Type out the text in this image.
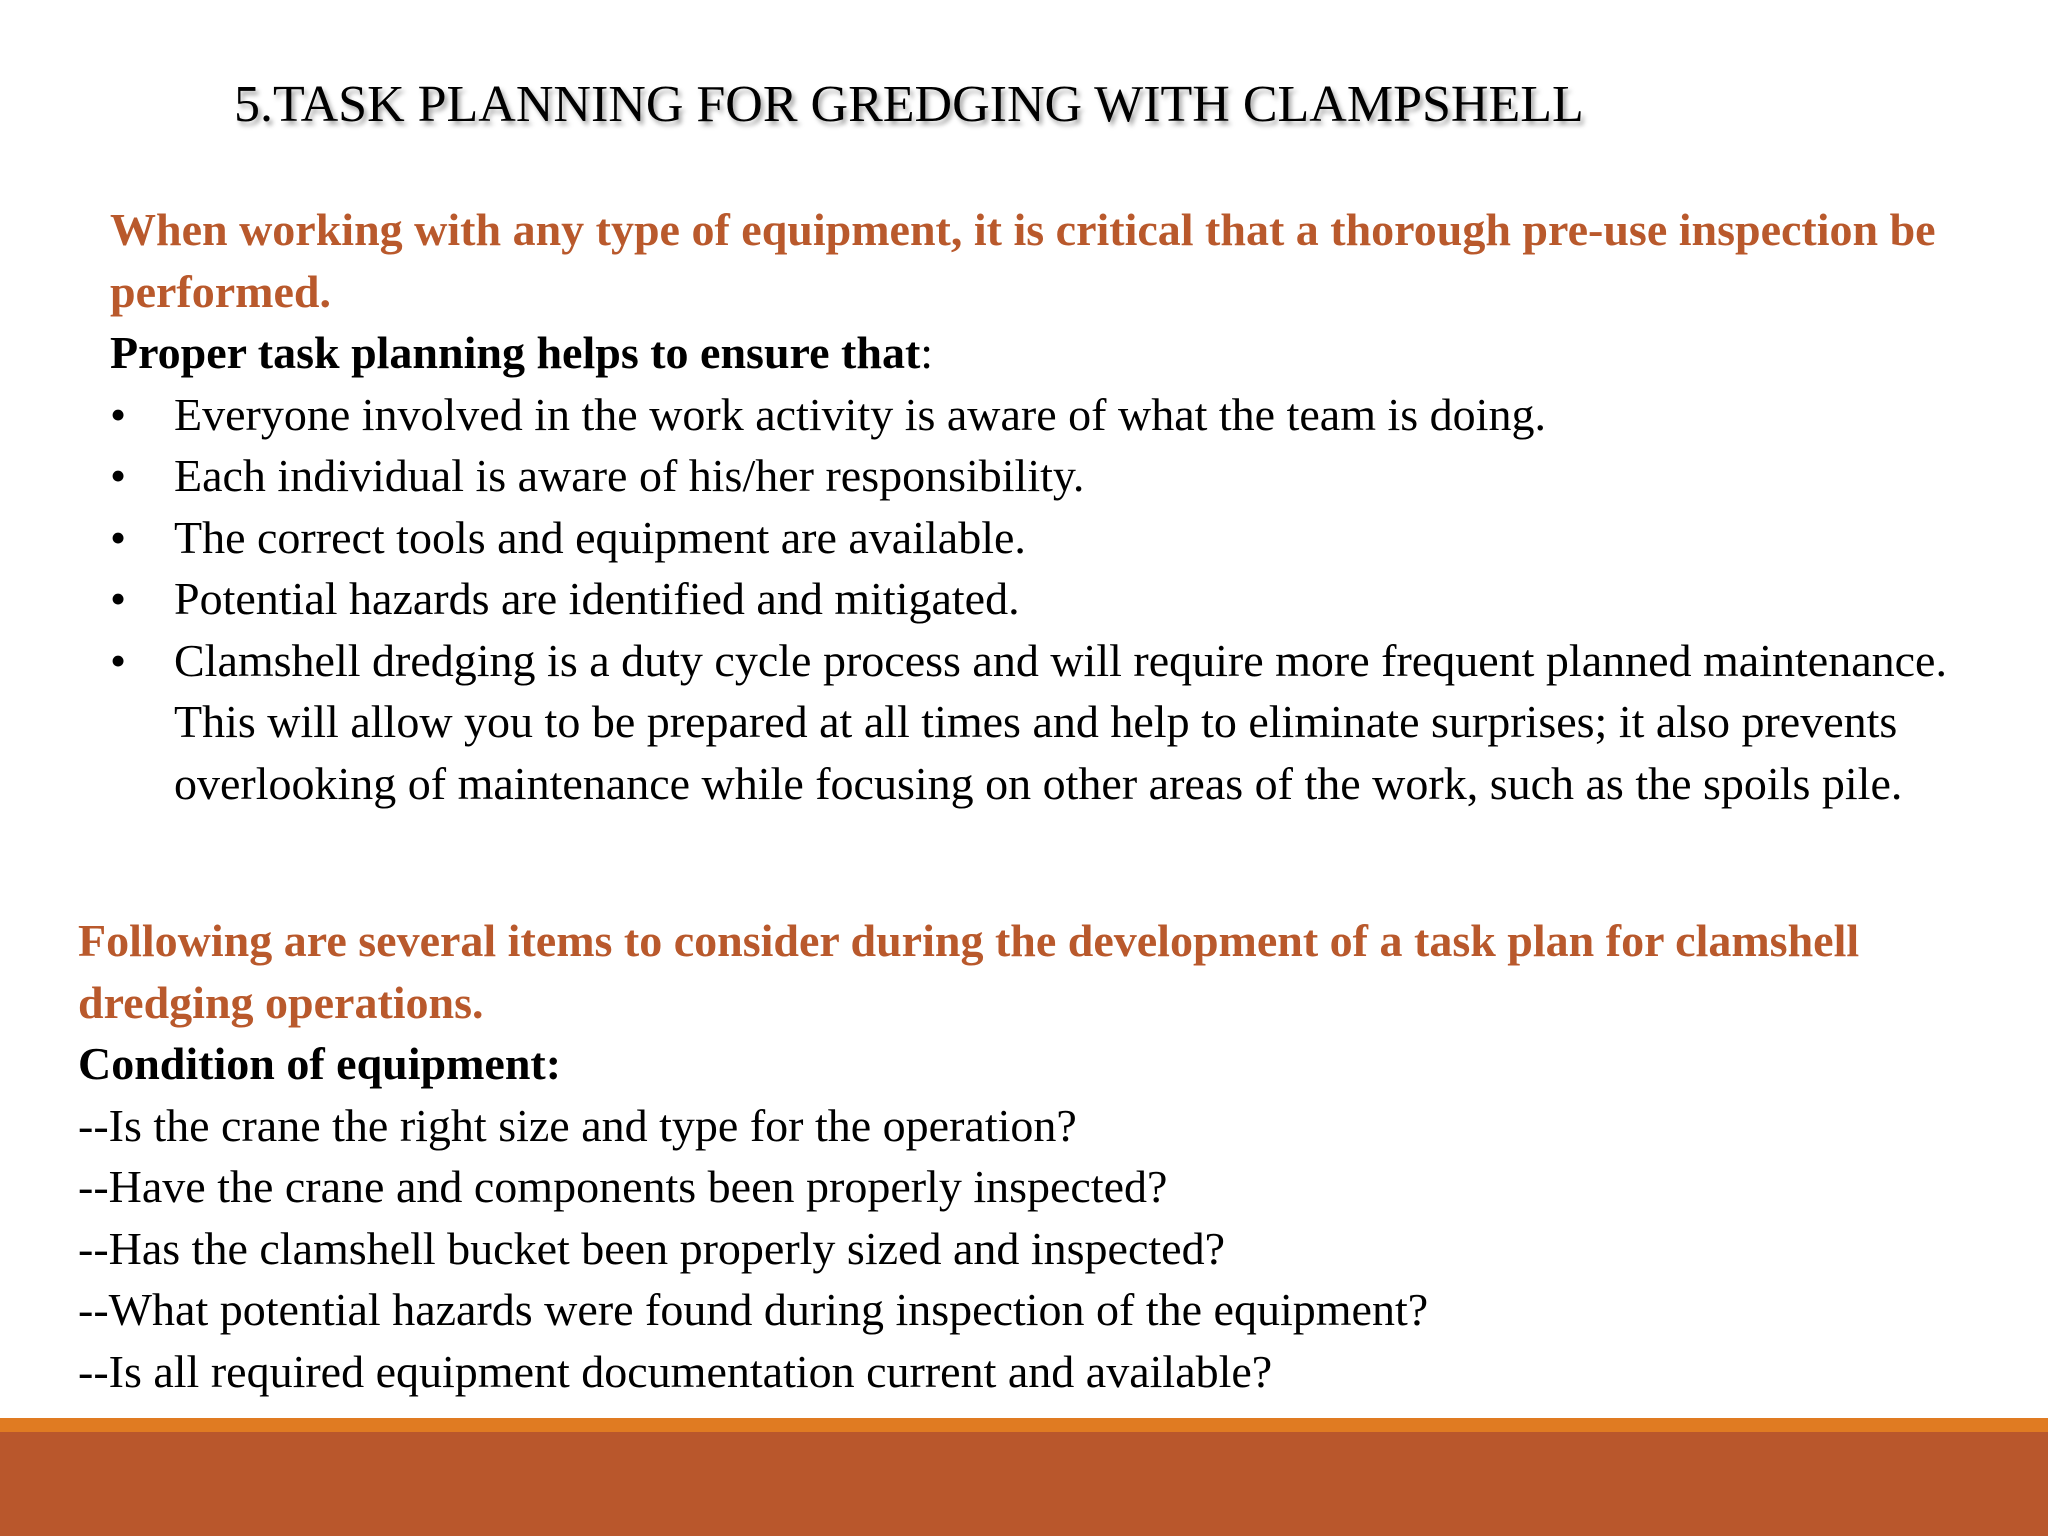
5.TASK PLANNING FOR GREDGING WITH CLAMPSHELL
When working with any type of equipment, it is critical that a thorough pre-use inspection be performed.
Proper task planning helps to ensure that:
• Everyone involved in the work activity is aware of what the team is doing.
• Each individual is aware of his/her responsibility.
• The correct tools and equipment are available.
• Potential hazards are identified and mitigated.
• Clamshell dredging is a duty cycle process and will require more frequent planned maintenance. This will allow you to be prepared at all times and help to eliminate surprises; it also prevents overlooking of maintenance while focusing on other areas of the work, such as the spoils pile.
Following are several items to consider during the development of a task plan for clamshell dredging operations.
Condition of equipment:
--Is the crane the right size and type for the operation?
--Have the crane and components been properly inspected?
--Has the clamshell bucket been properly sized and inspected?
--What potential hazards were found during inspection of the equipment?
--Is all required equipment documentation current and available?
